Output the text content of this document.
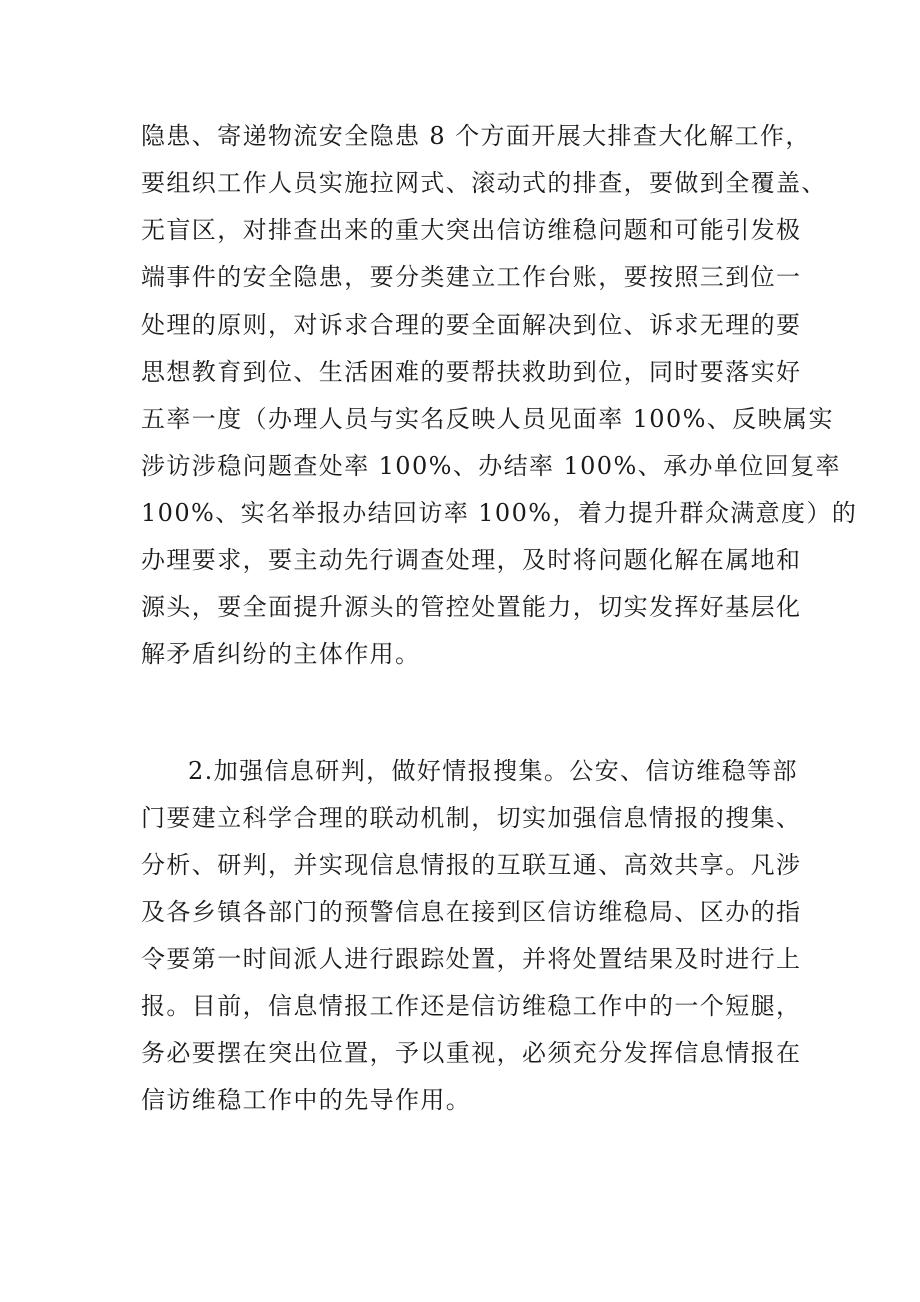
隐患、寄递物流安全隐患 8 个方面开展大排查大化解工作，
要组织工作人员实施拉网式、滚动式的排查，要做到全覆盖、
无盲区，对排查出来的重大突出信访维稳问题和可能引发极
端事件的安全隐患，要分类建立工作台账，要按照三到位一
处理的原则，对诉求合理的要全面解决到位、诉求无理的要
思想教育到位、生活困难的要帮扶救助到位，同时要落实好
五率一度（办理人员与实名反映人员见面率 100%、反映属实
涉访涉稳问题查处率 100%、办结率 100%、承办单位回复率
100%、实名举报办结回访率 100%，着力提升群众满意度）的
办理要求，要主动先行调查处理，及时将问题化解在属地和
源头，要全面提升源头的管控处置能力，切实发挥好基层化
解矛盾纠纷的主体作用。
2.加强信息研判，做好情报搜集。公安、信访维稳等部
门要建立科学合理的联动机制，切实加强信息情报的搜集、
分析、研判，并实现信息情报的互联互通、高效共享。凡涉
及各乡镇各部门的预警信息在接到区信访维稳局、区办的指
令要第一时间派人进行跟踪处置，并将处置结果及时进行上
报。目前，信息情报工作还是信访维稳工作中的一个短腿，
务必要摆在突出位置，予以重视，必须充分发挥信息情报在
信访维稳工作中的先导作用。
